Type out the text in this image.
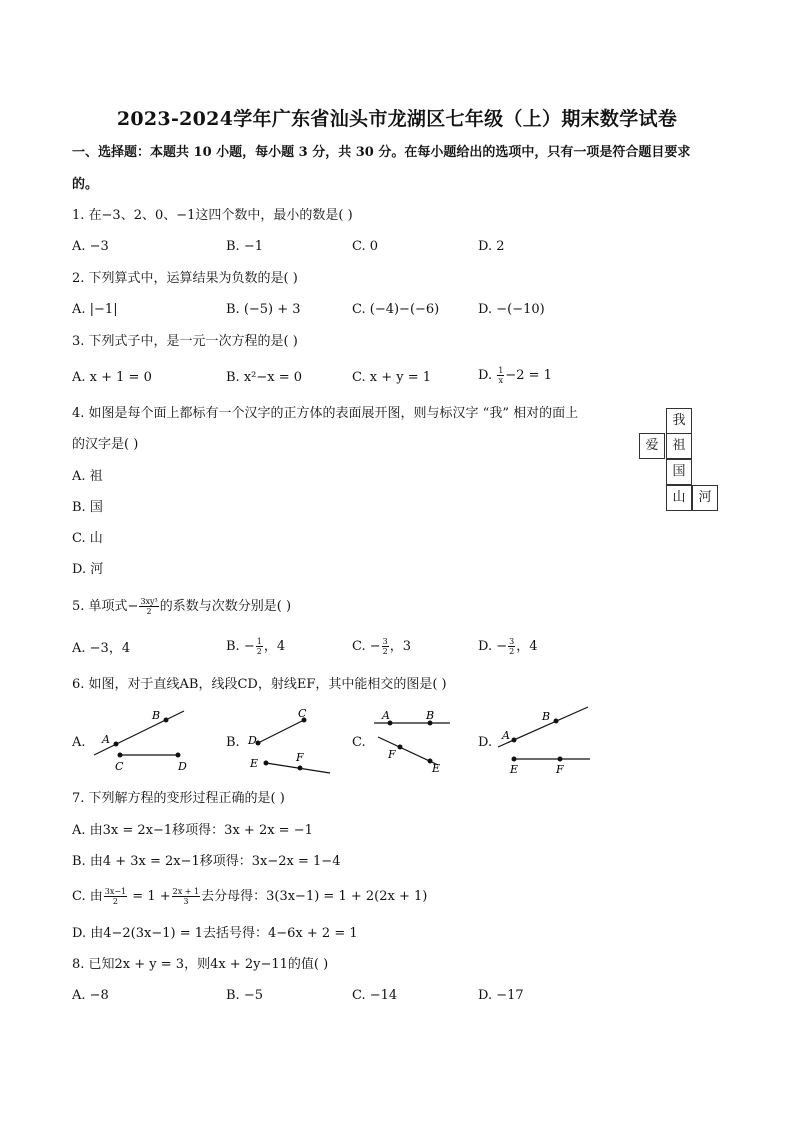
2023-2024学年广东省汕头市龙湖区七年级（上）期末数学试卷
一、选择题：本题共 10 小题，每小题 3 分，共 30 分。在每小题给出的选项中，只有一项是符合题目要求
的。
1. 在−3、2、0、−1这四个数中，最小的数是( )
A. −3	B. −1	C. 0	D. 2
2. 下列算式中，运算结果为负数的是( )
A. |−1|	B. (−5) + 3	C. (−4)−(−6)	D. −(−10)
3. 下列式子中，是一元一次方程的是( )
A. x + 1 = 0	B. x²−x = 0	C. x + y = 1	D. $\frac{1}{x} -2 = 1$
4. 如图是每个面上都标有一个汉字的正方体的表面展开图，则与标汉字 “我” 相对的面上
的汉字是( )
A. 祖
B. 国
C. 山
D. 河
我
爱	祖
国
山 河
5. 单项式− $\frac{\text{3xy³}}{2}$ 的系数与次数分别是( )
A. −3，4	B. − $\frac{1}{2}$ ，4	C. − $\frac{3}{2}$ ，3	D. − $\frac{3}{2}$ ，4
6. 如图，对于直线AB，线段CD，射线EF，其中能相交的图是( )
A.	B.	C.	D.
A
B
C	D
D
C
E	F
A	B
F
E
A
B
E	F
7. 下列解方程的变形过程正确的是( )
A. 由3x = 2x−1移项得：3x + 2x = −1
B. 由4 + 3x = 2x−1移项得：3x−2x = 1−4
C. 由 $\frac{3x-1}{2} = 1 + \frac{2x + 1}{3}$ 去分母得：3(3x−1) = 1 + 2(2x + 1)
D. 由4−2(3x−1) = 1去括号得：4−6x + 2 = 1
8. 已知2x + y = 3，则4x + 2y−11的值( )
A. −8	B. −5	C. −14	D. −17
